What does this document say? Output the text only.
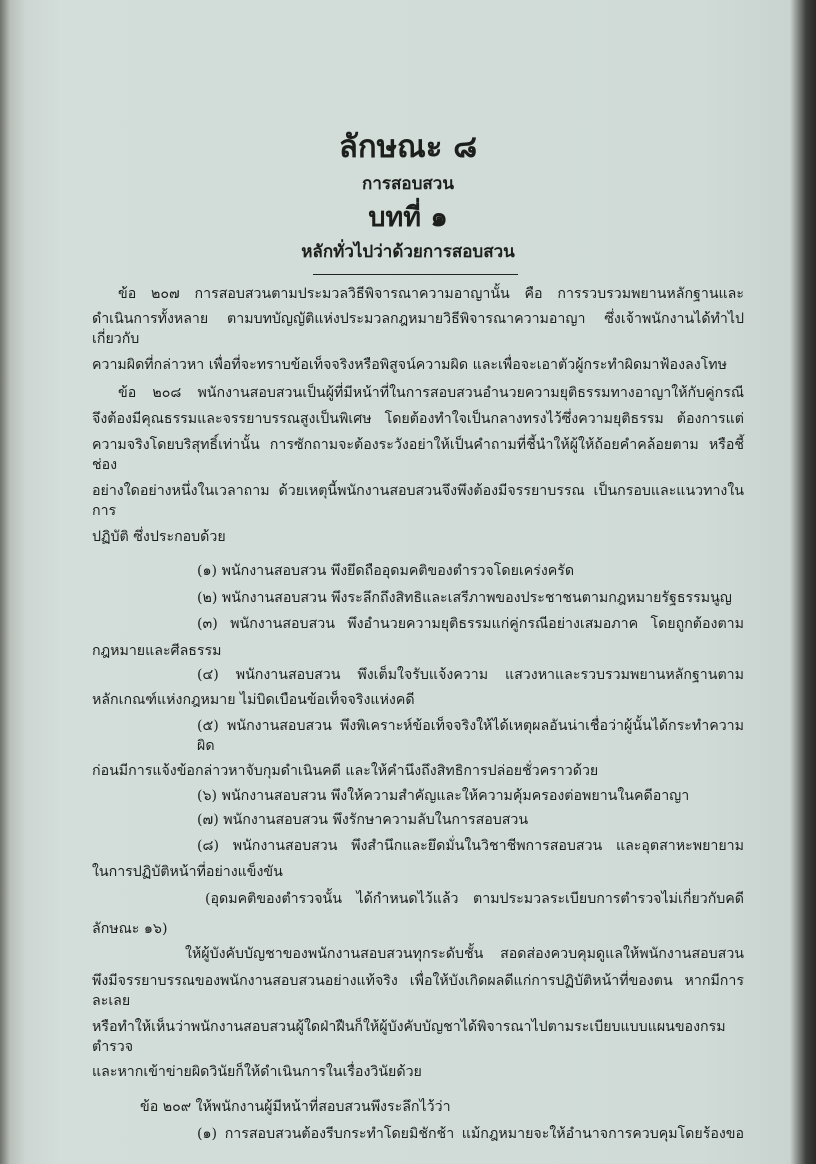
ลักษณะ ๘
การสอบสวน
บทที่ ๑
หลักทั่วไปว่าด้วยการสอบสวน
ข้อ ๒๐๗ การสอบสวนตามประมวลวิธีพิจารณาความอาญานั้น คือ การรวบรวมพยานหลักฐานและ
ดำเนินการทั้งหลาย ตามบทบัญญัติแห่งประมวลกฎหมายวิธีพิจารณาความอาญา ซึ่งเจ้าพนักงานได้ทำไปเกี่ยวกับ
ความผิดที่กล่าวหา เพื่อที่จะทราบข้อเท็จจริงหรือพิสูจน์ความผิด และเพื่อจะเอาตัวผู้กระทำผิดมาฟ้องลงโทษ
ข้อ ๒๐๘ พนักงานสอบสวนเป็นผู้ที่มีหน้าที่ในการสอบสวนอำนวยความยุติธรรมทางอาญาให้กับคู่กรณี
จึงต้องมีคุณธรรมและจรรยาบรรณสูงเป็นพิเศษ โดยต้องทำใจเป็นกลางทรงไว้ซึ่งความยุติธรรม ต้องการแต่
ความจริงโดยบริสุทธิ์เท่านั้น การซักถามจะต้องระวังอย่าให้เป็นคำถามที่ชี้นำให้ผู้ให้ถ้อยคำคล้อยตาม หรือชี้ช่อง
อย่างใดอย่างหนึ่งในเวลาถาม ด้วยเหตุนี้พนักงานสอบสวนจึงพึงต้องมีจรรยาบรรณ เป็นกรอบและแนวทางในการ
ปฏิบัติ ซึ่งประกอบด้วย
(๑) พนักงานสอบสวน พึงยึดถืออุดมคติของตำรวจโดยเคร่งครัด
(๒) พนักงานสอบสวน พึงระลึกถึงสิทธิและเสรีภาพของประชาชนตามกฎหมายรัฐธรรมนูญ
(๓) พนักงานสอบสวน พึงอำนวยความยุติธรรมแก่คู่กรณีอย่างเสมอภาค โดยถูกต้องตาม
กฎหมายและศีลธรรม
(๔) พนักงานสอบสวน พึงเต็มใจรับแจ้งความ แสวงหาและรวบรวมพยานหลักฐานตาม
หลักเกณฑ์แห่งกฎหมาย ไม่บิดเบือนข้อเท็จจริงแห่งคดี
(๕) พนักงานสอบสวน พึงพิเคราะห์ข้อเท็จจริงให้ได้เหตุผลอันน่าเชื่อว่าผู้นั้นได้กระทำความผิด
ก่อนมีการแจ้งข้อกล่าวหาจับกุมดำเนินคดี และให้คำนึงถึงสิทธิการปล่อยชั่วคราวด้วย
(๖) พนักงานสอบสวน พึงให้ความสำคัญและให้ความคุ้มครองต่อพยานในคดีอาญา
(๗) พนักงานสอบสวน พึงรักษาความลับในการสอบสวน
(๘) พนักงานสอบสวน พึงสำนึกและยึดมั่นในวิชาชีพการสอบสวน และอุตสาหะพยายาม
ในการปฏิบัติหน้าที่อย่างแข็งขัน
(อุดมคติของตำรวจนั้น ได้กำหนดไว้แล้ว ตามประมวลระเบียบการตำรวจไม่เกี่ยวกับคดี
ลักษณะ ๑๖)
ให้ผู้บังคับบัญชาของพนักงานสอบสวนทุกระดับชั้น สอดส่องควบคุมดูแลให้พนักงานสอบสวน
พึงมีจรรยาบรรณของพนักงานสอบสวนอย่างแท้จริง เพื่อให้บังเกิดผลดีแก่การปฏิบัติหน้าที่ของตน หากมีการละเลย
หรือทำให้เห็นว่าพนักงานสอบสวนผู้ใดฝ่าฝืนก็ให้ผู้บังคับบัญชาได้พิจารณาไปตามระเบียบแบบแผนของกรมตำรวจ
และหากเข้าข่ายผิดวินัยก็ให้ดำเนินการในเรื่องวินัยด้วย
ข้อ ๒๐๙ ให้พนักงานผู้มีหน้าที่สอบสวนพึงระลึกไว้ว่า
(๑) การสอบสวนต้องรีบกระทำโดยมิชักช้า แม้กฎหมายจะให้อำนาจการควบคุมโดยร้องขอ
